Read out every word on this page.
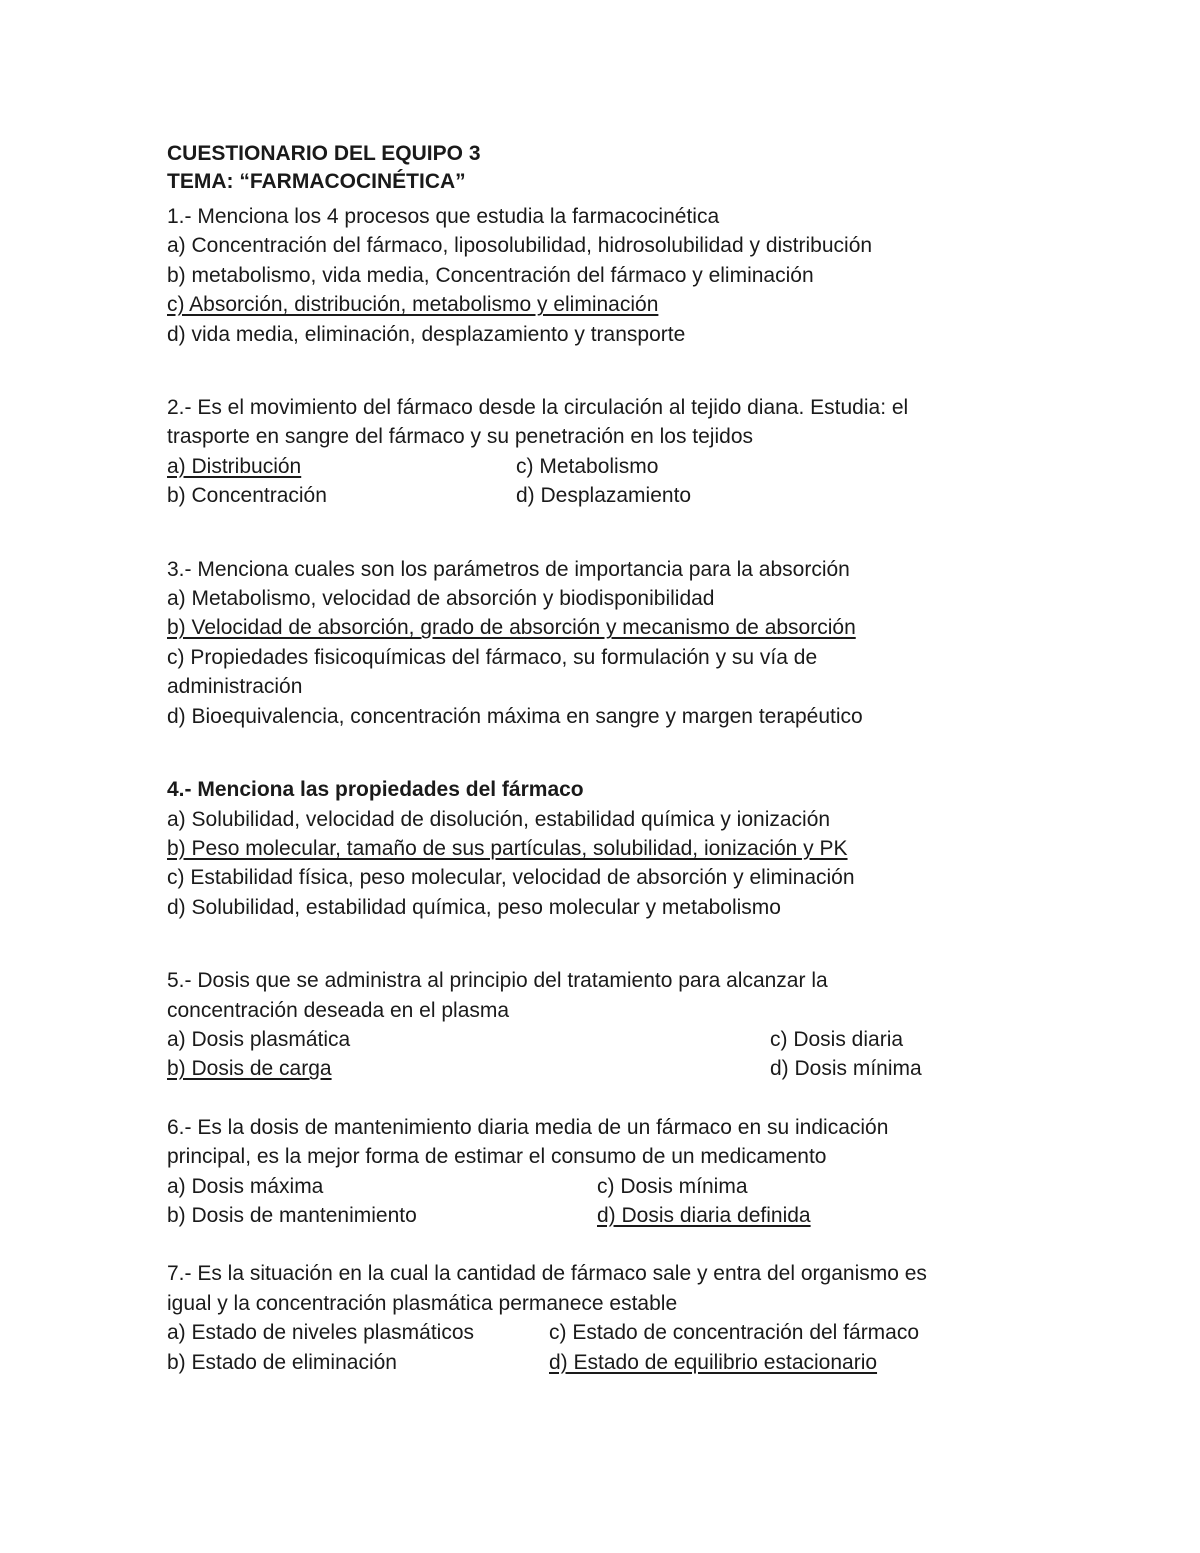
CUESTIONARIO DEL EQUIPO 3
TEMA: “FARMACOCINÉTICA”
1.- Menciona los 4 procesos que estudia la farmacocinética
a) Concentración del fármaco, liposolubilidad, hidrosolubilidad y distribución
b) metabolismo, vida media, Concentración del fármaco y eliminación
c) Absorción, distribución, metabolismo y eliminación
d) vida media, eliminación, desplazamiento y transporte
2.- Es el movimiento del fármaco desde la circulación al tejido diana. Estudia: el
trasporte en sangre del fármaco y su penetración en los tejidos
a) Distribución	c) Metabolismo
b) Concentración	d) Desplazamiento
3.- Menciona cuales son los parámetros de importancia para la absorción
a) Metabolismo, velocidad de absorción y biodisponibilidad
b) Velocidad de absorción, grado de absorción y mecanismo de absorción
c) Propiedades fisicoquímicas del fármaco, su formulación y su vía de
administración
d) Bioequivalencia, concentración máxima en sangre y margen terapéutico
4.- Menciona las propiedades del fármaco
a) Solubilidad, velocidad de disolución, estabilidad química y ionización
b) Peso molecular, tamaño de sus partículas, solubilidad, ionización y PK
c) Estabilidad física, peso molecular, velocidad de absorción y eliminación
d) Solubilidad, estabilidad química, peso molecular y metabolismo
5.- Dosis que se administra al principio del tratamiento para alcanzar la
concentración deseada en el plasma
a) Dosis plasmática	c) Dosis diaria
b) Dosis de carga	d) Dosis mínima
6.- Es la dosis de mantenimiento diaria media de un fármaco en su indicación
principal, es la mejor forma de estimar el consumo de un medicamento
a) Dosis máxima	c) Dosis mínima
b) Dosis de mantenimiento	d) Dosis diaria definida
7.- Es la situación en la cual la cantidad de fármaco sale y entra del organismo es
igual y la concentración plasmática permanece estable
a) Estado de niveles plasmáticos	c) Estado de concentración del fármaco
b) Estado de eliminación	d) Estado de equilibrio estacionario
